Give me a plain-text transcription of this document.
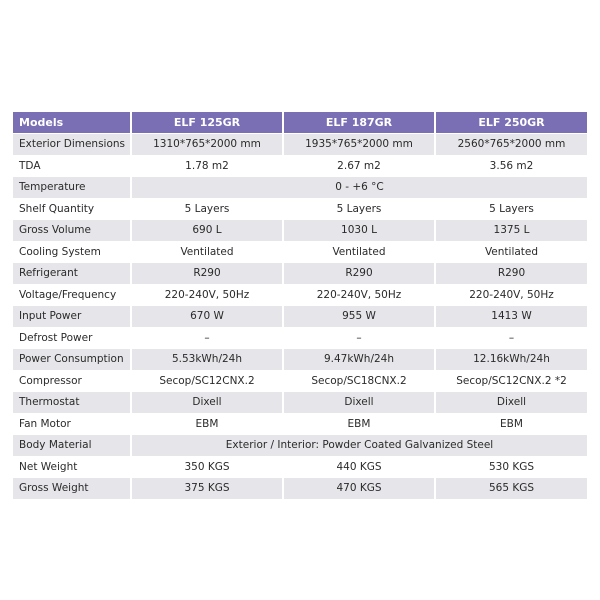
Models	ELF 125GR	ELF 187GR	ELF 250GR
Exterior Dimensions	1310*765*2000 mm	1935*765*2000 mm	2560*765*2000 mm
TDA	1.78 m2	2.67 m2	3.56 m2
Temperature	0 - +6 °C		
Shelf Quantity	5 Layers	5 Layers	5 Layers
Gross Volume	690 L	1030 L	1375 L
Cooling System	Ventilated	Ventilated	Ventilated
Refrigerant	R290	R290	R290
Voltage/Frequency	220-240V, 50Hz	220-240V, 50Hz	220-240V, 50Hz
Input Power	670 W	955 W	1413 W
Defrost Power	–	–	–
Power Consumption	5.53kWh/24h	9.47kWh/24h	12.16kWh/24h
Compressor	Secop/SC12CNX.2	Secop/SC18CNX.2	Secop/SC12CNX.2 *2
Thermostat	Dixell	Dixell	Dixell
Fan Motor	EBM	EBM	EBM
Body Material	Exterior / Interior: Powder Coated Galvanized Steel		
Net Weight	350 KGS	440 KGS	530 KGS
Gross Weight	375 KGS	470 KGS	565 KGS
